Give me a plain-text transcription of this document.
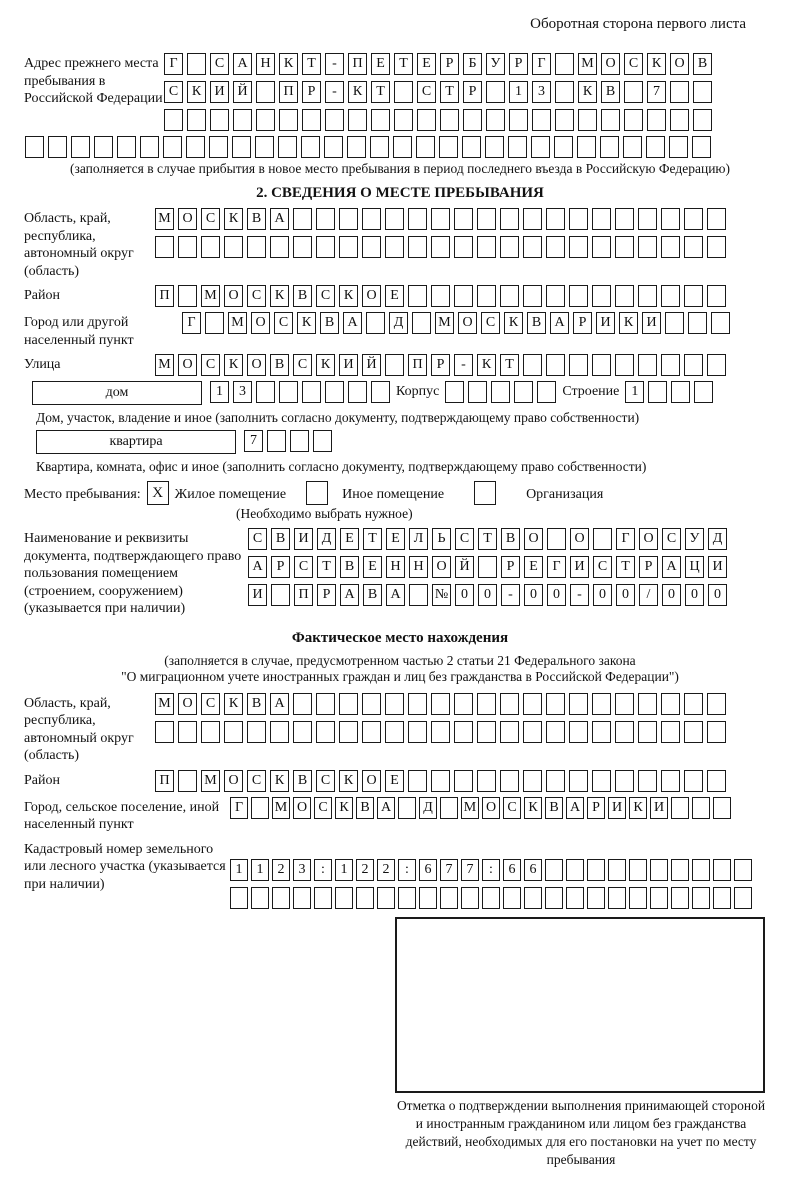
Оборотная сторона первого листа
Адрес прежнего места пребывания в Российской Федерации
Г	С А Н К	Т	-	П Е	Т	Е	Р	Б	У	Р	Г	М О С К О В
С К И Й	П	Р	-	К	Т	С	Т	Р	1	3	К В	7
(заполняется в случае прибытия в новое место пребывания в период последнего въезда в Российскую Федерацию)
2. СВЕДЕНИЯ О МЕСТЕ ПРЕБЫВАНИЯ
Область, край, республика, автономный округ (область)
М О С К В А
Район	П	М О С К В С К О Е
Город или другой населенный пункт
Г	М О С К В А	Д	М О С К В А	Р	И К И
Улица	М О С К О В С К И Й	П	Р	-	К	Т
дом	1	3	Корпус	Строение 1
Дом, участок, владение и иное (заполнить согласно документу, подтверждающему право собственности)
квартира	7
Квартира, комната, офис и иное (заполнить согласно документу, подтверждающему право собственности)
Место пребывания: X Жилое помещение	Иное помещение	Организация
(Необходимо выбрать нужное)
Наименование и реквизиты документа, подтверждающего право пользования помещением (строением, сооружением) (указывается при наличии)
С В И Д Е	Т	Е Л	Ь	С	Т	В О	О	Г О С У Д
А	Р	С	Т	В	Е Н Н О Й	Р	Е	Г И С	Т	Р	А Ц И
И	П	Р	А В А	№ 0	0	-	0	0	-	0	0	/	0	0	0
Фактическое место нахождения
(заполняется в случае, предусмотренном частью 2 статьи 21 Федерального закона
"О миграционном учете иностранных граждан и лиц без гражданства в Российской Федерации")
Область, край, республика, автономный округ (область)
М О С К В А
Район	П	М О С К В С К О Е
Город, сельское поселение, иной населенный пункт
Г	М О С К В А	Д	М О С К В А Р И К И
Кадастровый номер земельного или лесного участка (указывается при наличии)
1	1	2	3	:	1	2	2	:	6	7	7	:	6	6
Отметка о подтверждении выполнения принимающей стороной и иностранным гражданином или лицом без гражданства действий, необходимых для его постановки на учет по месту пребывания
